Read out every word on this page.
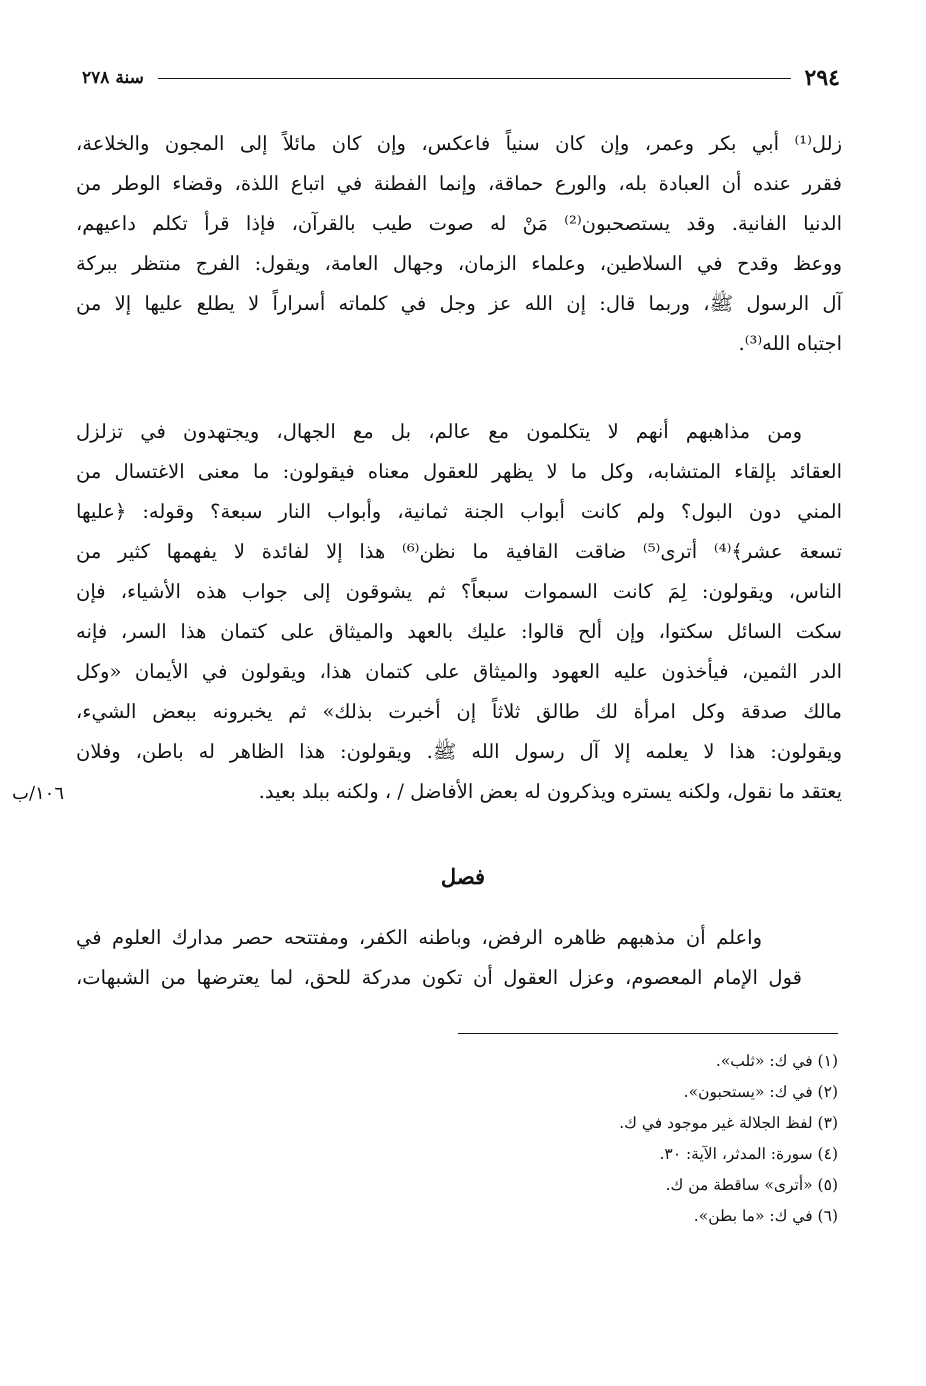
٢٩٤
سنة ٢٧٨
زلل⁽¹⁾ أبي بكر وعمر، وإن كان سنياً فاعكس، وإن كان مائلاً إلى المجون والخلاعة،
فقرر عنده أن العبادة بله، والورع حماقة، وإنما الفطنة في اتباع اللذة، وقضاء الوطر من
الدنيا الفانية. وقد يستصحبون⁽²⁾ مَنْ له صوت طيب بالقرآن، فإذا قرأ تكلم داعيهم،
ووعظ وقدح في السلاطين، وعلماء الزمان، وجهال العامة، ويقول: الفرج منتظر ببركة
آل الرسول ﷺ، وربما قال: إن الله عز وجل في كلماته أسراراً لا يطلع عليها إلا من
اجتباه الله⁽³⁾.
ومن مذاهبهم أنهم لا يتكلمون مع عالم، بل مع الجهال، ويجتهدون في تزلزل
العقائد بإلقاء المتشابه، وكل ما لا يظهر للعقول معناه فيقولون: ما معنى الاغتسال من
المني دون البول؟ ولم كانت أبواب الجنة ثمانية، وأبواب النار سبعة؟ وقوله: ﴿عليها
تسعة عشر﴾⁽⁴⁾ أترى⁽⁵⁾ ضاقت القافية ما نظن⁽⁶⁾ هذا إلا لفائدة لا يفهمها كثير من
الناس، ويقولون: لِمَ كانت السموات سبعاً؟ ثم يشوقون إلى جواب هذه الأشياء، فإن
سكت السائل سكتوا، وإن ألح قالوا: عليك بالعهد والميثاق على كتمان هذا السر، فإنه
الدر الثمين، فيأخذون عليه العهود والميثاق على كتمان هذا، ويقولون في الأيمان «وكل
مالك صدقة وكل امرأة لك طالق ثلاثاً إن أخبرت بذلك» ثم يخبرونه ببعض الشيء،
ويقولون: هذا لا يعلمه إلا آل رسول الله ﷺ. ويقولون: هذا الظاهر له باطن، وفلان
يعتقد ما نقول، ولكنه يستره ويذكرون له بعض الأفاضل / ، ولكنه ببلد بعيد.
١٠٦/ب
فصل
واعلم أن مذهبهم ظاهره الرفض، وباطنه الكفر، ومفتتحه حصر مدارك العلوم في
قول الإمام المعصوم، وعزل العقول أن تكون مدركة للحق، لما يعترضها من الشبهات،
(١) في ك: «ثلب».
(٢) في ك: «يستحبون».
(٣) لفظ الجلالة غير موجود في ك.
(٤) سورة: المدثر، الآية: ٣٠.
(٥) «أترى» ساقطة من ك.
(٦) في ك: «ما بطن».
